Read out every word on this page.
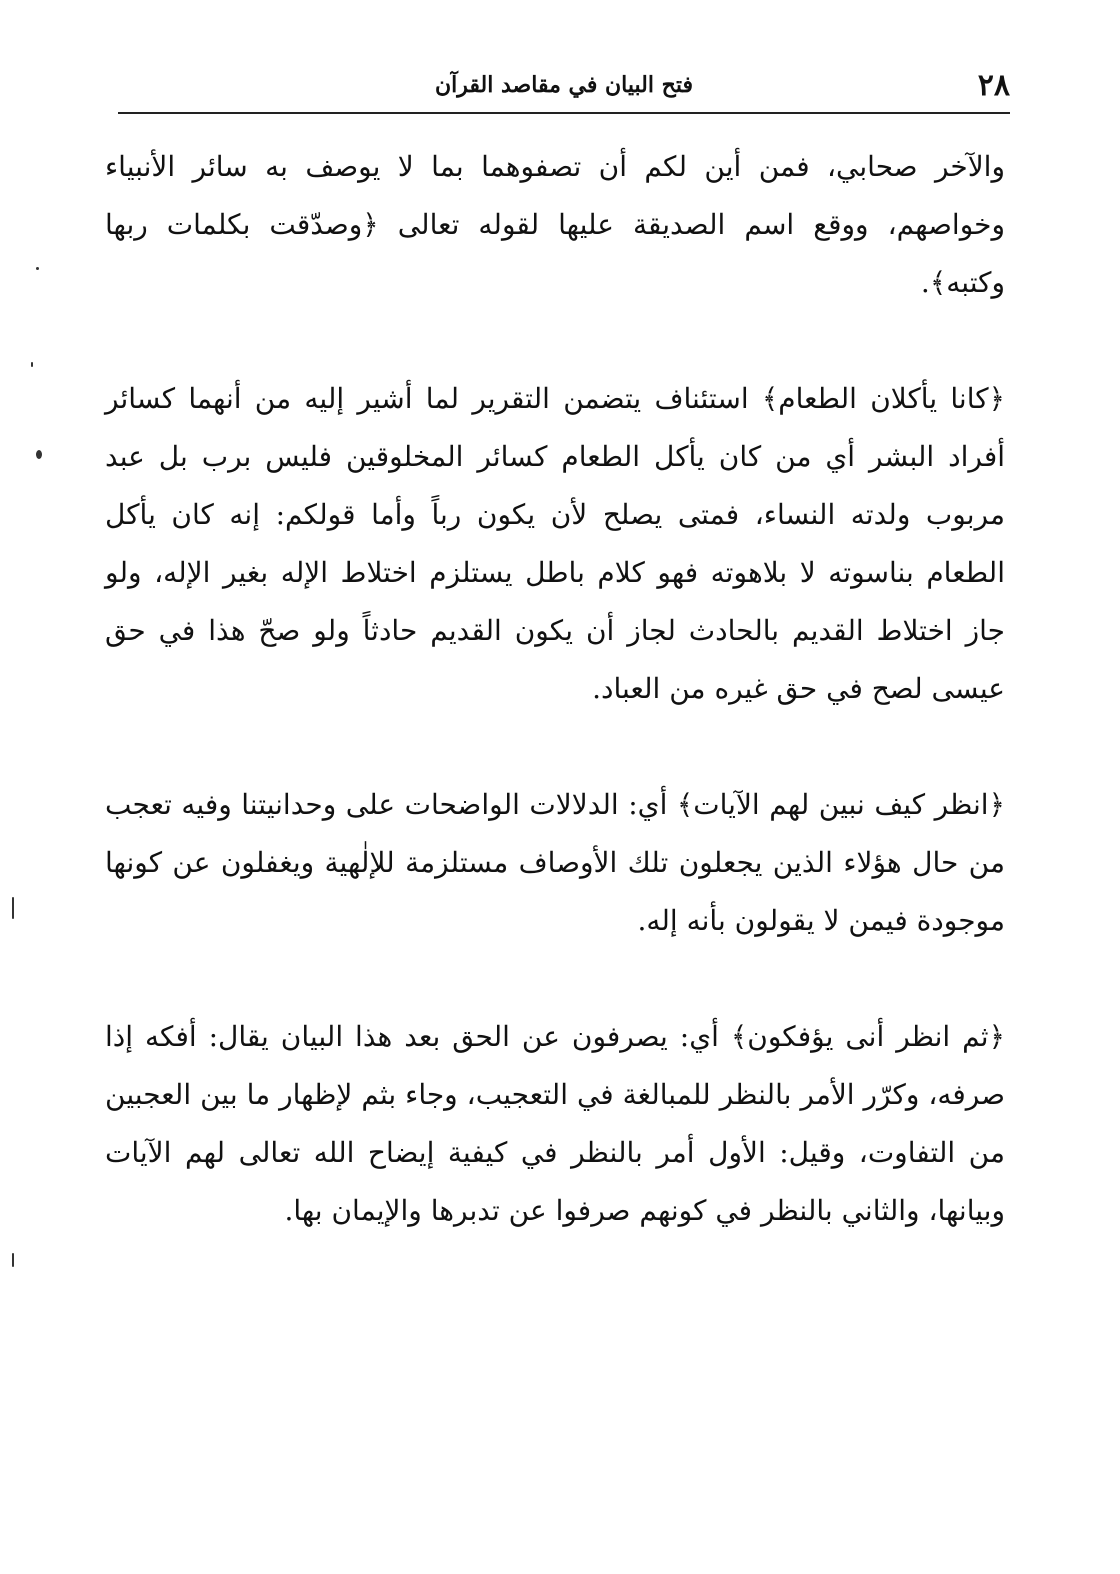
٢٨
فتح البيان في مقاصد القرآن

والآخر صحابي، فمن أين لكم أن تصفوهما بما لا يوصف به سائر الأنبياء وخواصهم، ووقع اسم الصديقة عليها لقوله تعالى ﴿وصدّقت بكلمات ربها وكتبه﴾.

﴿كانا يأكلان الطعام﴾ استئناف يتضمن التقرير لما أشير إليه من أنهما كسائر أفراد البشر أي من كان يأكل الطعام كسائر المخلوقين فليس برب بل عبد مربوب ولدته النساء، فمتى يصلح لأن يكون رباً وأما قولكم: إنه كان يأكل الطعام بناسوته لا بلاهوته فهو كلام باطل يستلزم اختلاط الإله بغير الإله، ولو جاز اختلاط القديم بالحادث لجاز أن يكون القديم حادثاً ولو صحّ هذا في حق عيسى لصح في حق غيره من العباد.

﴿انظر كيف نبين لهم الآيات﴾ أي: الدلالات الواضحات على وحدانيتنا وفيه تعجب من حال هؤلاء الذين يجعلون تلك الأوصاف مستلزمة للإلٰهية ويغفلون عن كونها موجودة فيمن لا يقولون بأنه إله.

﴿ثم انظر أنى يؤفكون﴾ أي: يصرفون عن الحق بعد هذا البيان يقال: أفكه إذا صرفه، وكرّر الأمر بالنظر للمبالغة في التعجيب، وجاء بثم لإظهار ما بين العجبين من التفاوت، وقيل: الأول أمر بالنظر في كيفية إيضاح الله تعالى لهم الآيات وبيانها، والثاني بالنظر في كونهم صرفوا عن تدبرها والإيمان بها.
